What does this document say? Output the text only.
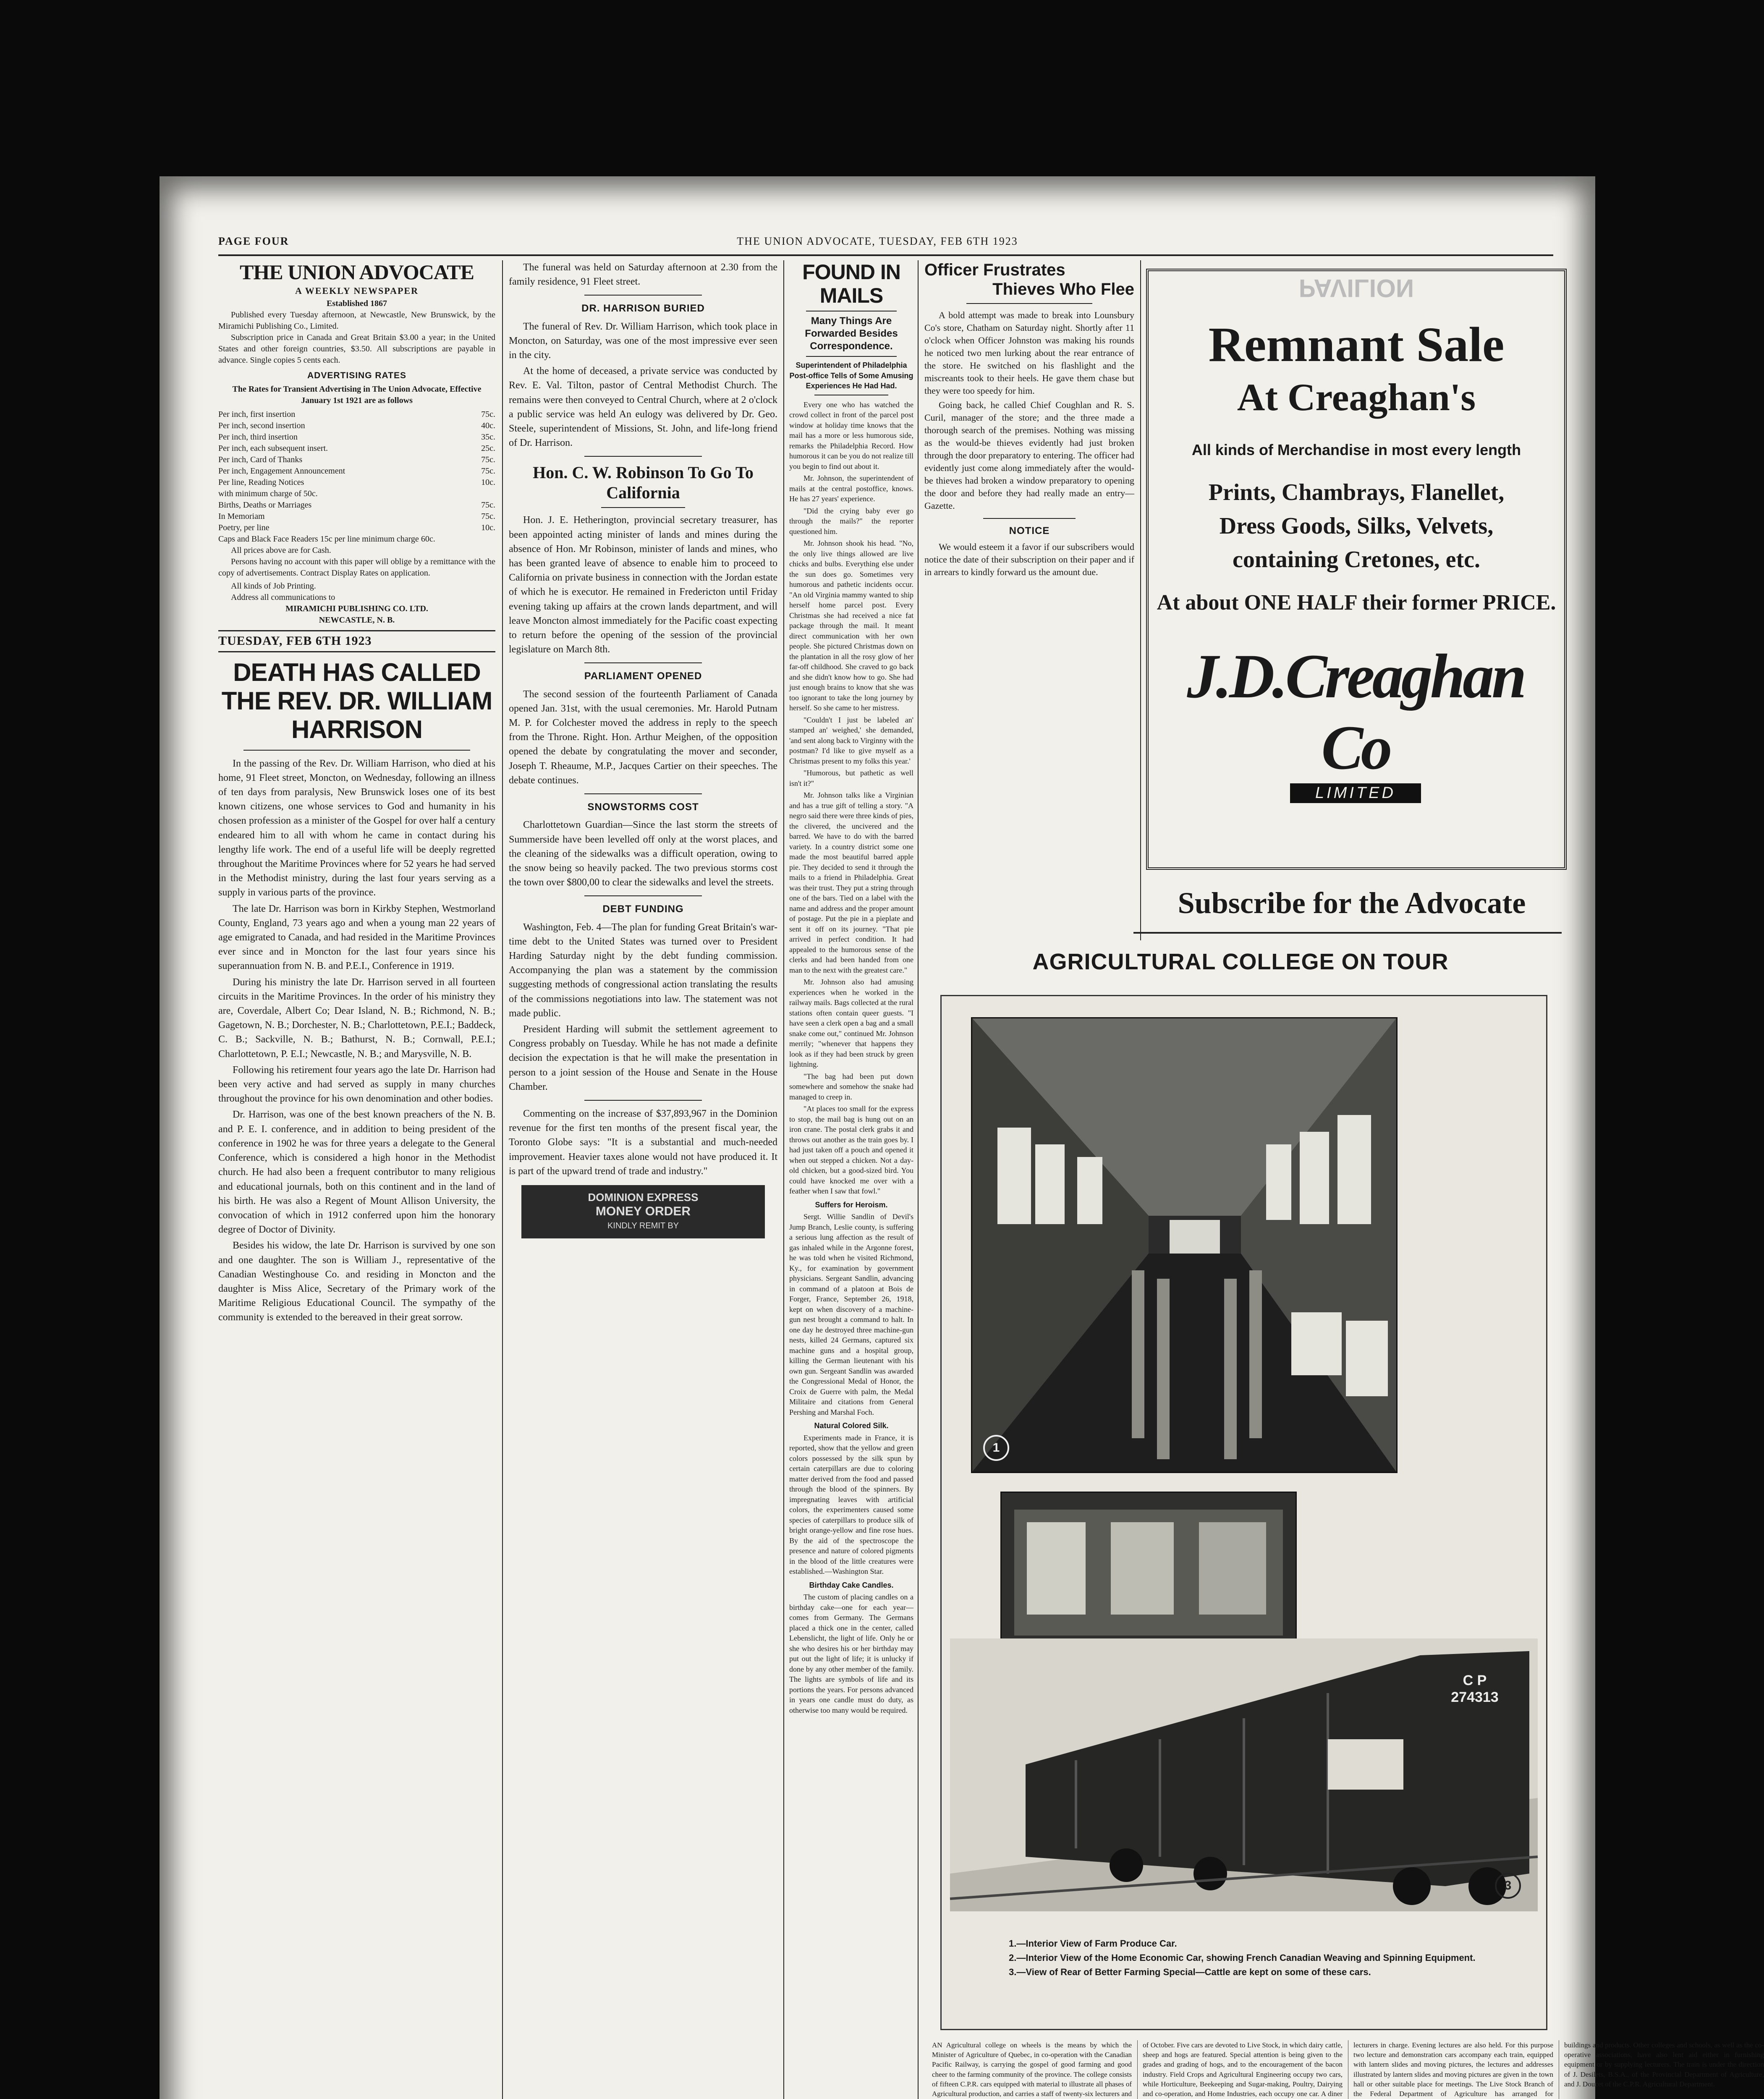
PAGE FOUR	THE UNION ADVOCATE, TUESDAY, FEB 6TH 1923
THE UNION ADVOCATE
A WEEKLY NEWSPAPER
Established 1867
Published every Tuesday afternoon, at Newcastle, New Brunswick, by the Miramichi Publishing Co., Limited.
Subscription price in Canada and Great Britain $3.00 a year; in the United States and other foreign countries, $3.50. All subscriptions are payable in advance. Single copies 5 cents each.
ADVERTISING RATES
The Rates for Transient Advertising in The Union Advocate, Effective January 1st 1921 are as follows
Per inch, first insertion	75c.
Per inch, second insertion	40c.
Per inch, third insertion	35c.
Per inch, each subsequent insert.	25c.
Per inch, Card of Thanks	75c.
Per inch, Engagement Announcement	75c.
Per line, Reading Notices	10c.
with minimum charge of 50c.
Births, Deaths or Marriages	75c.
In Memoriam	75c.
Poetry, per line	10c.
Caps and Black Face Readers 15c per line minimum charge 60c.
All prices above are for Cash.
Persons having no account with this paper will oblige by a remittance with the copy of advertisements. Contract Display Rates on application.
All kinds of Job Printing.
Address all communications to
MIRAMICHI PUBLISHING CO. LTD.
NEWCASTLE, N. B.
TUESDAY, FEB 6TH 1923
DEATH HAS CALLED THE REV. DR. WILLIAM HARRISON

In the passing of the Rev. Dr. William Harrison, who died at his home, 91 Fleet street, Moncton, on Wednesday, following an illness of ten days from paralysis, New Brunswick loses one of its best known citizens, one whose services to God and humanity in his chosen profession as a minister of the Gospel for over half a century endeared him to all with whom he came in contact during his lengthy life work. The end of a useful life will be deeply regretted throughout the Maritime Provinces where for 52 years he had served in the Methodist ministry, during the last four years serving as a supply in various parts of the province.

The late Dr. Harrison was born in Kirkby Stephen, Westmorland County, England, 73 years ago and when a young man 22 years of age emigrated to Canada, and had resided in the Maritime Provinces ever since and in Moncton for the last four years since his superannuation from N. B. and P.E.I., Conference in 1919.

During his ministry the late Dr. Harrison served in all fourteen circuits in the Maritime Provinces. In the order of his ministry they are, Coverdale, Albert Co; Dear Island, N. B.; Richmond, N. B.; Gagetown, N. B.; Dorchester, N. B.; Charlottetown, P.E.I.; Baddeck, C. B.; Sackville, N. B.; Bathurst, N. B.; Cornwall, P.E.I.; Charlottetown, P. E.I.; Newcastle, N. B.; and Marysville, N. B.

Following his retirement four years ago the late Dr. Harrison had been very active and had served as supply in many churches throughout the province for his own denomination and other bodies.

Dr. Harrison, was one of the best known preachers of the N. B. and P. E. I. conference, and in addition to being president of the conference in 1902 he was for three years a delegate to the General Conference, which is considered a high honor in the Methodist church. He had also been a frequent contributor to many religious and educational journals, both on this continent and in the land of his birth. He was also a Regent of Mount Allison University, the convocation of which in 1912 conferred upon him the honorary degree of Doctor of Divinity.

Besides his widow, the late Dr. Harrison is survived by one son and one daughter. The son is William J., representative of the Canadian Westinghouse Co. and residing in Moncton and the daughter is Miss Alice, Secretary of the Primary work of the Maritime Religious Educational Council. The sympathy of the community is extended to the bereaved in their great sorrow.

The funeral was held on Saturday afternoon at 2.30 from the family residence, 91 Fleet street.

DR. HARRISON BURIED

The funeral of Rev. Dr. William Harrison, which took place in Moncton, on Saturday, was one of the most impressive ever seen in the city.

At the home of deceased, a private service was conducted by Rev. E. Val. Tilton, pastor of Central Methodist Church. The remains were then conveyed to Central Church, where at 2 o'clock a public service was held An eulogy was delivered by Dr. Geo. Steele, superintendent of Missions, St. John, and life-long friend of Dr. Harrison.

Hon. C. W. Robinson To Go To California

Hon. J. E. Hetherington, provincial secretary treasurer, has been appointed acting minister of lands and mines during the absence of Hon. Mr Robinson, minister of lands and mines, who has been granted leave of absence to enable him to proceed to California on private business in connection with the Jordan estate of which he is executor. He remained in Fredericton until Friday evening taking up affairs at the crown lands department, and will leave Moncton almost immediately for the Pacific coast expecting to return before the opening of the session of the provincial legislature on March 8th.

PARLIAMENT OPENED

The second session of the fourteenth Parliament of Canada opened Jan. 31st, with the usual ceremonies. Mr. Harold Putnam M. P. for Colchester moved the address in reply to the speech from the Throne. Right. Hon. Arthur Meighen, of the opposition opened the debate by congratulating the mover and seconder, Joseph T. Rheaume, M.P., Jacques Cartier on their speeches. The debate continues.

SNOWSTORMS COST

Charlottetown Guardian—Since the last storm the streets of Summerside have been levelled off only at the worst places, and the cleaning of the sidewalks was a difficult operation, owing to the snow being so heavily packed. The two previous storms cost the town over $800,00 to clear the sidewalks and level the streets.

DEBT FUNDING

Washington, Feb. 4—The plan for funding Great Britain's war-time debt to the United States was turned over to President Harding Saturday night by the debt funding commission. Accompanying the plan was a statement by the commission suggesting methods of congressional action translating the results of the commissions negotiations into law. The statement was not made public.

President Harding will submit the settlement agreement to Congress probably on Tuesday. While he has not made a definite decision the expectation is that he will make the presentation in person to a joint session of the House and Senate in the House Chamber.

Commenting on the increase of $37,893,967 in the Dominion revenue for the first ten months of the present fiscal year, the Toronto Globe says: "It is a substantial and much-needed improvement. Heavier taxes alone would not have produced it. It is part of the upward trend of trade and industry."

DOMINION EXPRESS
MONEY ORDER
KINDLY REMIT BY
FOUND IN MAILS
Many Things Are Forwarded Besides Correspondence.
Superintendent of Philadelphia Post-office Tells of Some Amusing Experiences He Had Had.

Every one who has watched the crowd collect in front of the parcel post window at holiday time knows that the mail has a more or less humorous side, remarks the Philadelphia Record. How humorous it can be you do not realize till you begin to find out about it.

Mr. Johnson, the superintendent of mails at the central postoffice, knows. He has 27 years' experience.

"Did the crying baby ever go through the mails?" the reporter questioned him.

Mr. Johnson shook his head. "No, the only live things allowed are live chicks and bulbs. Everything else under the sun does go. Sometimes very humorous and pathetic incidents occur. "An old Virginia mammy wanted to ship herself home parcel post. Every Christmas she had received a nice fat package through the mail. It meant direct communication with her own people. She pictured Christmas down on the plantation in all the rosy glow of her far-off childhood. She craved to go back and she didn't know how to go. She had just enough brains to know that she was too ignorant to take the long journey by herself. So she came to her mistress.

"Couldn't I just be labeled an' stamped an' weighed,' she demanded, 'and sent along back to Virginny with the postman? I'd like to give myself as a Christmas present to my folks this year.'

"Humorous, but pathetic as well isn't it?"

Mr. Johnson talks like a Virginian and has a true gift of telling a story. "A negro said there were three kinds of pies, the clivered, the uncivered and the barred. We have to do with the barred variety. In a country district some one made the most beautiful barred apple pie. They decided to send it through the mails to a friend in Philadelphia. Great was their trust. They put a string through one of the bars. Tied on a label with the name and address and the proper amount of postage. Put the pie in a pieplate and sent it off on its journey. "That pie arrived in perfect condition. It had appealed to the humorous sense of the clerks and had been handed from one man to the next with the greatest care."

Mr. Johnson also had amusing experiences when he worked in the railway mails. Bags collected at the rural stations often contain queer guests. "I have seen a clerk open a bag and a small snake come out," continued Mr. Johnson merrily; "whenever that happens they look as if they had been struck by green lightning.

"The bag had been put down somewhere and somehow the snake had managed to creep in.

"At places too small for the express to stop, the mail bag is hung out on an iron crane. The postal clerk grabs it and throws out another as the train goes by. I had just taken off a pouch and opened it when out stepped a chicken. Not a day-old chicken, but a good-sized bird. You could have knocked me over with a feather when I saw that fowl."

Suffers for Heroism.

Sergt. Willie Sandlin of Devil's Jump Branch, Leslie county, is suffering a serious lung affection as the result of gas inhaled while in the Argonne forest, he was told when he visited Richmond, Ky., for examination by government physicians. Sergeant Sandlin, advancing in command of a platoon at Bois de Forger, France, September 26, 1918, kept on when discovery of a machine-gun nest brought a command to halt. In one day he destroyed three machine-gun nests, killed 24 Germans, captured six machine guns and a hospital group, killing the German lieutenant with his own gun. Sergeant Sandlin was awarded the Congressional Medal of Honor, the Croix de Guerre with palm, the Medal Militaire and citations from General Pershing and Marshal Foch.

Natural Colored Silk.

Experiments made in France, it is reported, show that the yellow and green colors possessed by the silk spun by certain caterpillars are due to coloring matter derived from the food and passed through the blood of the spinners. By impregnating leaves with artificial colors, the experimenters caused some species of caterpillars to produce silk of bright orange-yellow and fine rose hues. By the aid of the spectroscope the presence and nature of colored pigments in the blood of the little creatures were established.—Washington Star.

Birthday Cake Candles.

The custom of placing candles on a birthday cake—one for each year—comes from Germany. The Germans placed a thick one in the center, called Lebenslicht, the light of life. Only he or she who desires his or her birthday may put out the light of life; it is unlucky if done by any other member of the family. The lights are symbols of life and its portions the years. For persons advanced in years one candle must do duty, as otherwise too many would be required.

Officer Frustrates
Thieves Who Flee

A bold attempt was made to break into Lounsbury Co's store, Chatham on Saturday night. Shortly after 11 o'clock when Officer Johnston was making his rounds he noticed two men lurking about the rear entrance of the store. He switched on his flashlight and the miscreants took to their heels. He gave them chase but they were too speedy for him.

Going back, he called Chief Coughlan and R. S. Curil, manager of the store; and the three made a thorough search of the premises. Nothing was missing as the would-be thieves evidently had just broken through the door preparatory to entering. The officer had evidently just come along immediately after the would-be thieves had broken a window preparatory to opening the door and before they had really made an entry—Gazette.

NOTICE

We would esteem it a favor if our subscribers would notice the date of their subscription on their paper and if in arrears to kindly forward us the amount due.

PAVILION
Remnant Sale
At Creaghan's
All kinds of Merchandise in most every length
Prints, Chambrays, Flanellet,
Dress Goods, Silks, Velvets,
containing Cretones, etc.
At about ONE HALF their former PRICE.
J.D.Creaghan Co
LIMITED
Subscribe for the Advocate
AGRICULTURAL COLLEGE ON TOUR
1
C P 274313
3
1.—Interior View of Farm Produce Car.
2.—Interior View of the Home Economic Car, showing French Canadian Weaving and Spinning Equipment.
3.—View of Rear of Better Farming Special—Cattle are kept on some of these cars.

AN Agricultural college on wheels is the means by which the Minister of Agriculture of Quebec, in co-operation with the Canadian Pacific Railway, is carrying the gospel of good farming and good cheer to the farming community of the province. The college consists of fifteen C.P.R. cars equipped with material to illustrate all phases of Agricultural production, and carries a staff of twenty-six lecturers and of October. Five cars are devoted to Live Stock, in which dairy cattle, sheep and hogs are featured. Special attention is being given to the grades and grading of hogs, and to the encouragement of the bacon industry. Field Crops and Agricultural Engineering occupy two cars, while Horticulture, Beekeeping and Sugar-making, Poultry, Dairying and co-operation, and Home Industries, each occupy one car. A diner lecturers in charge. Evening lectures are also held. For this purpose two lecture and demonstration cars accompany each train, equipped with lantern slides and moving pictures, the lectures and addresses illustrated by lantern slides and moving pictures are given in the town hall or other suitable place for meetings. The Live Stock Branch of the Federal Department of Agriculture has arranged for buildings and products. Other colleges and schools, as well as the co-operative associations, have also lent aid either in furnishing equipment or by supplying lecturers. The train is under the direction of J. Desilets, B.S.A., of the Provincial Department of Agriculture, and J. Doucet of the C.P.R. Agricultural Department.
